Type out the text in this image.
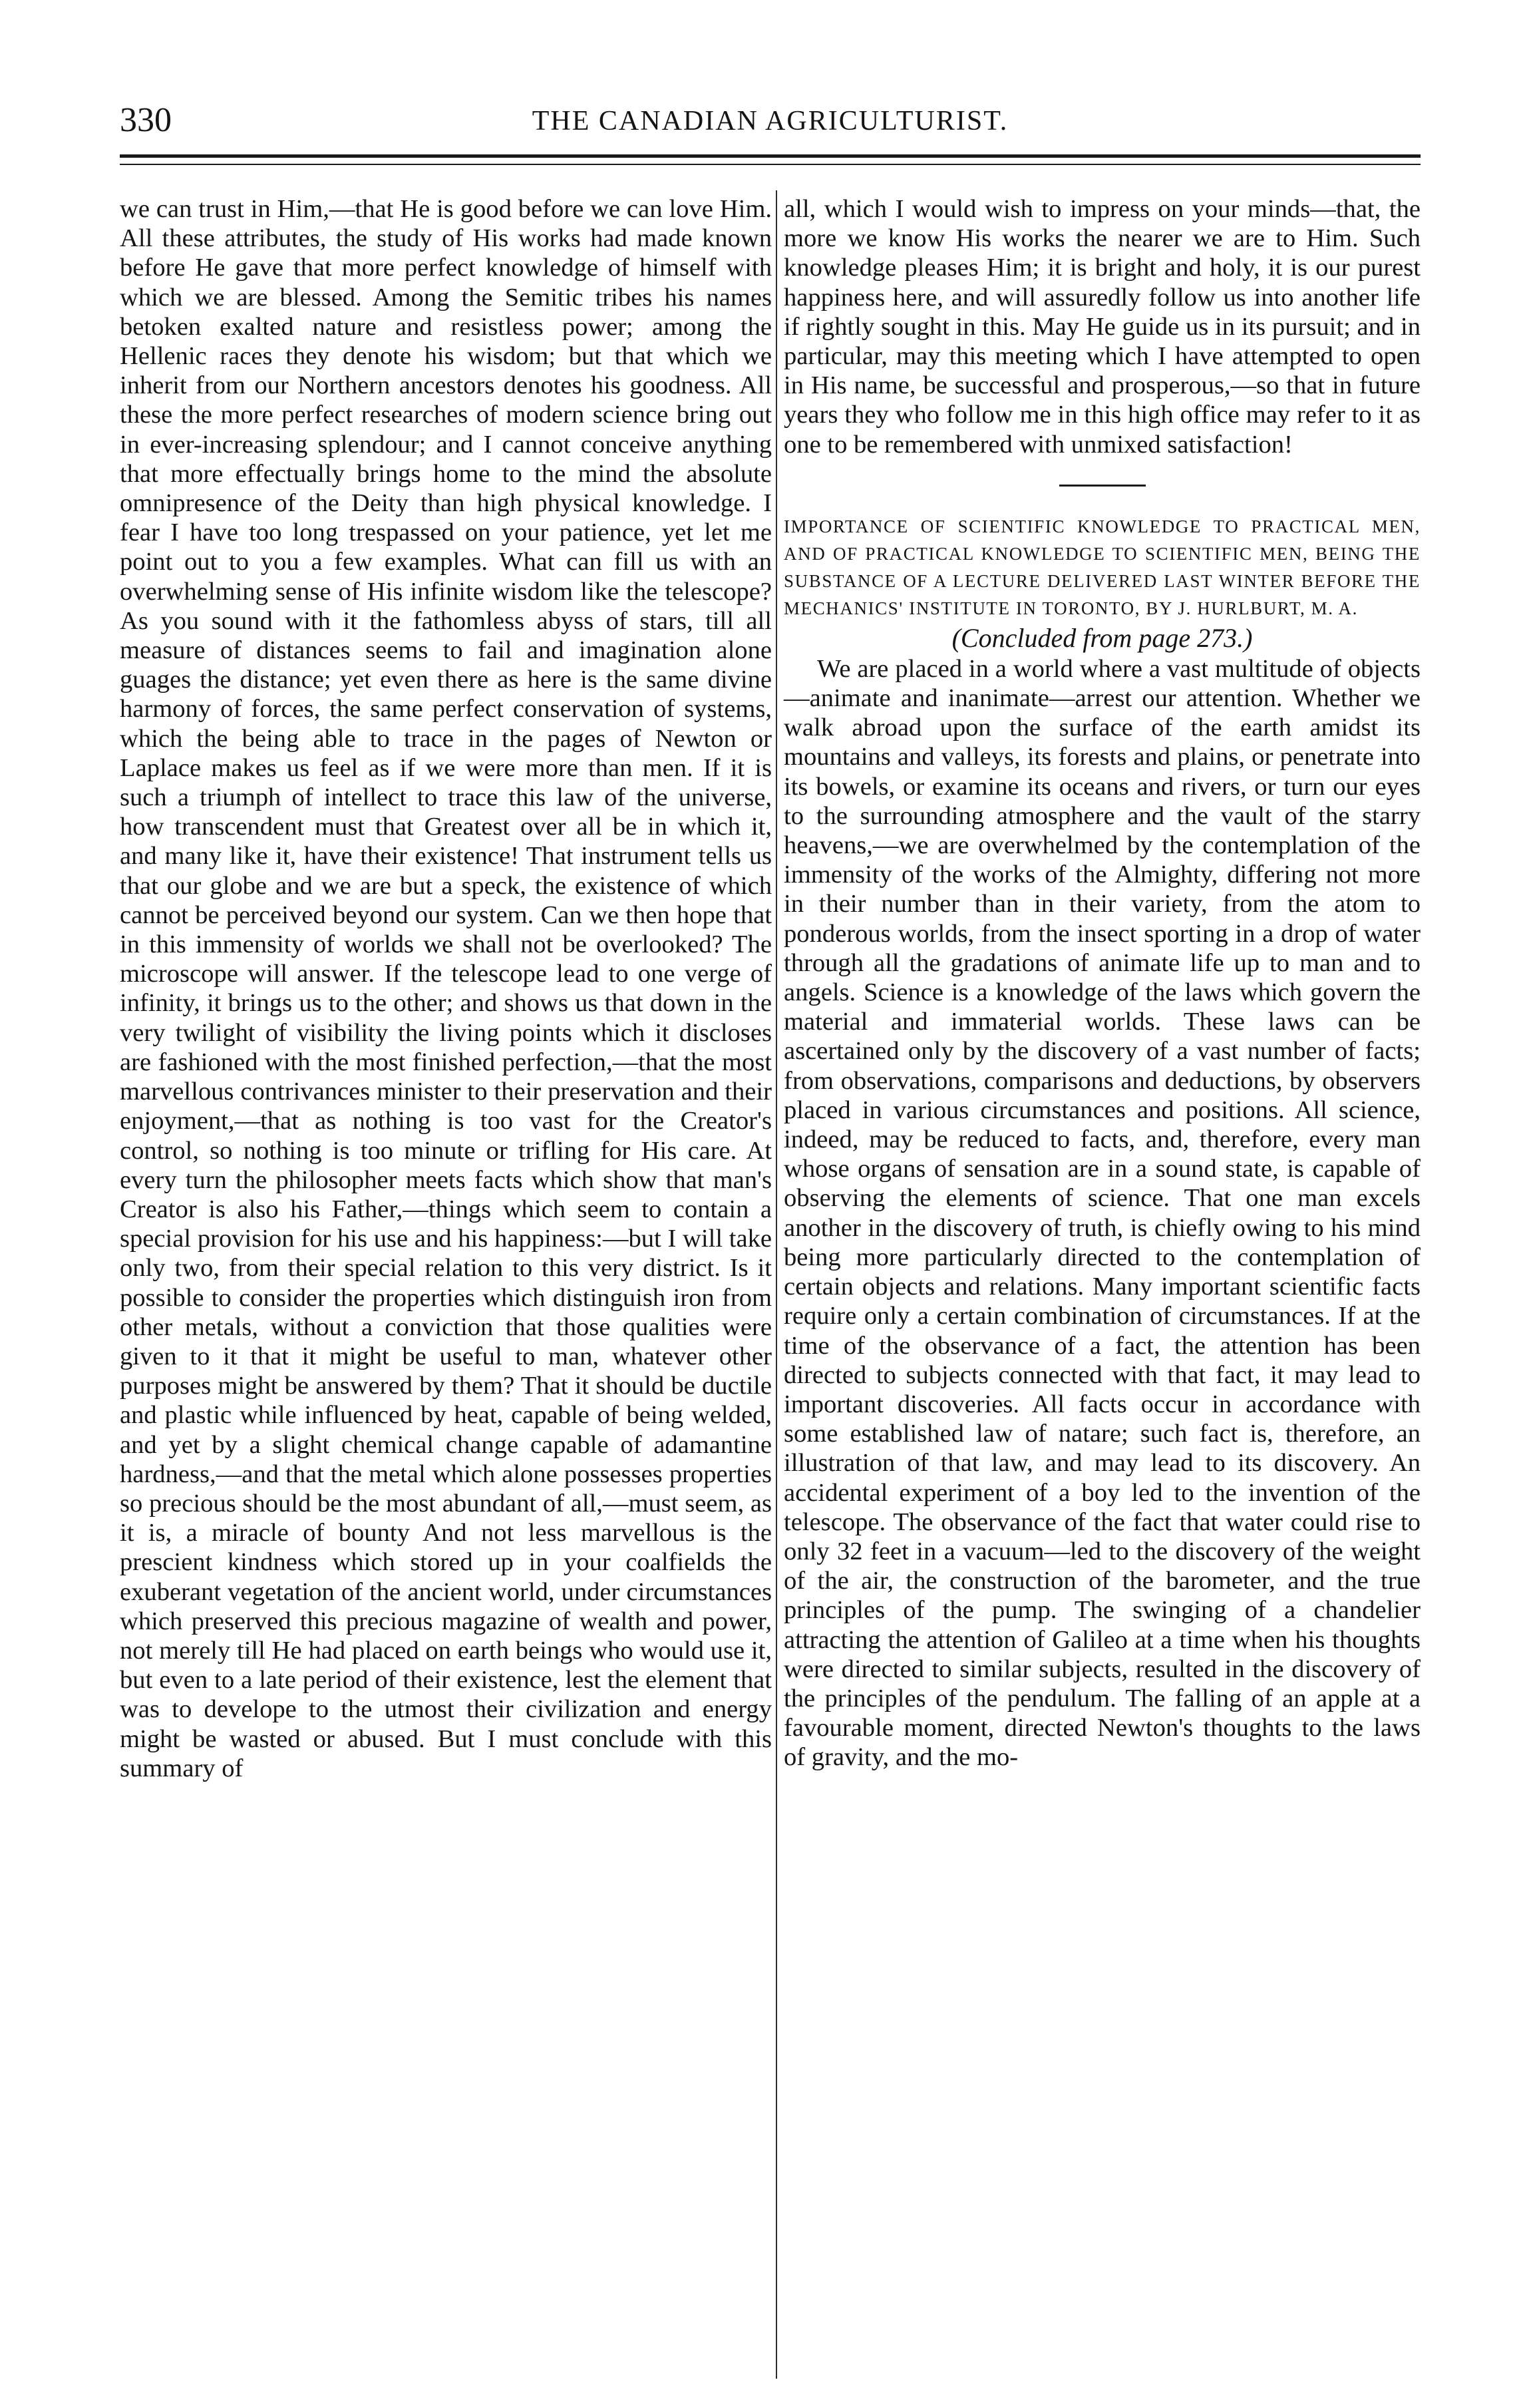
330	THE CANADIAN AGRICULTURIST.

we can trust in Him,—that He is good before we can love Him. All these attributes, the study of His works had made known before He gave that more perfect knowledge of himself with which we are blessed. Among the Semitic tribes his names betoken exalted nature and resistless power; among the Hellenic races they denote his wisdom; but that which we inherit from our Northern ancestors denotes his goodness. All these the more perfect researches of modern science bring out in ever-increasing splendour; and I cannot conceive anything that more effectually brings home to the mind the absolute omnipresence of the Deity than high physical knowledge. I fear I have too long trespassed on your patience, yet let me point out to you a few examples. What can fill us with an overwhelming sense of His infinite wisdom like the telescope? As you sound with it the fathomless abyss of stars, till all measure of distances seems to fail and imagination alone guages the distance; yet even there as here is the same divine harmony of forces, the same perfect conservation of systems, which the being able to trace in the pages of Newton or Laplace makes us feel as if we were more than men. If it is such a triumph of intellect to trace this law of the universe, how transcendent must that Greatest over all be in which it, and many like it, have their existence! That instrument tells us that our globe and we are but a speck, the existence of which cannot be perceived beyond our system. Can we then hope that in this immensity of worlds we shall not be overlooked? The microscope will answer. If the telescope lead to one verge of infinity, it brings us to the other; and shows us that down in the very twilight of visibility the living points which it discloses are fashioned with the most finished perfection,—that the most marvellous contrivances minister to their preservation and their enjoyment,—that as nothing is too vast for the Creator's control, so nothing is too minute or trifling for His care. At every turn the philosopher meets facts which show that man's Creator is also his Father,—things which seem to contain a special provision for his use and his happiness:—but I will take only two, from their special relation to this very district. Is it possible to consider the properties which distinguish iron from other metals, without a conviction that those qualities were given to it that it might be useful to man, whatever other purposes might be answered by them? That it should be ductile and plastic while influenced by heat, capable of being welded, and yet by a slight chemical change capable of adamantine hardness,—and that the metal which alone possesses properties so precious should be the most abundant of all,—must seem, as it is, a miracle of bounty And not less marvellous is the prescient kindness which stored up in your coalfields the exuberant vegetation of the ancient world, under circumstances which preserved this precious magazine of wealth and power, not merely till He had placed on earth beings who would use it, but even to a late period of their existence, lest the element that was to develope to the utmost their civilization and energy might be wasted or abused. But I must conclude with this summary of

all, which I would wish to impress on your minds—that, the more we know His works the nearer we are to Him. Such knowledge pleases Him; it is bright and holy, it is our purest happiness here, and will assuredly follow us into another life if rightly sought in this. May He guide us in its pursuit; and in particular, may this meeting which I have attempted to open in His name, be successful and prosperous,—so that in future years they who follow me in this high office may refer to it as one to be remembered with unmixed satisfaction!

IMPORTANCE OF SCIENTIFIC KNOWLEDGE TO PRACTICAL MEN, AND OF PRACTICAL KNOWLEDGE TO SCIENTIFIC MEN, BEING THE SUBSTANCE OF A LECTURE DELIVERED LAST WINTER BEFORE THE MECHANICS' INSTITUTE IN TORONTO, BY J. HURLBURT, M. A.

(Concluded from page 273.)

We are placed in a world where a vast multitude of objects—animate and inanimate—arrest our attention. Whether we walk abroad upon the surface of the earth amidst its mountains and valleys, its forests and plains, or penetrate into its bowels, or examine its oceans and rivers, or turn our eyes to the surrounding atmosphere and the vault of the starry heavens,—we are overwhelmed by the contemplation of the immensity of the works of the Almighty, differing not more in their number than in their variety, from the atom to ponderous worlds, from the insect sporting in a drop of water through all the gradations of animate life up to man and to angels. Science is a knowledge of the laws which govern the material and immaterial worlds. These laws can be ascertained only by the discovery of a vast number of facts; from observations, comparisons and deductions, by observers placed in various circumstances and positions. All science, indeed, may be reduced to facts, and, therefore, every man whose organs of sensation are in a sound state, is capable of observing the elements of science. That one man excels another in the discovery of truth, is chiefly owing to his mind being more particularly directed to the contemplation of certain objects and relations. Many important scientific facts require only a certain combination of circumstances. If at the time of the observance of a fact, the attention has been directed to subjects connected with that fact, it may lead to important discoveries. All facts occur in accordance with some established law of natare; such fact is, therefore, an illustration of that law, and may lead to its discovery. An accidental experiment of a boy led to the invention of the telescope. The observance of the fact that water could rise to only 32 feet in a vacuum—led to the discovery of the weight of the air, the construction of the barometer, and the true principles of the pump. The swinging of a chandelier attracting the attention of Galileo at a time when his thoughts were directed to similar subjects, resulted in the discovery of the principles of the pendulum. The falling of an apple at a favourable moment, directed Newton's thoughts to the laws of gravity, and the mo-
